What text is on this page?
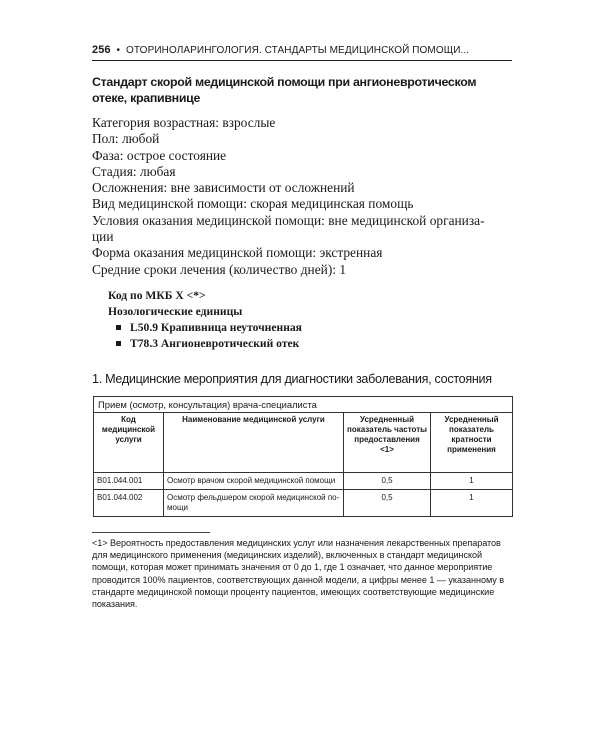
256 • ОТОРИНОЛАРИНГОЛОГИЯ. СТАНДАРТЫ МЕДИЦИНСКОЙ ПОМОЩИ...
Стандарт скорой медицинской помощи при ангионевротическом отеке, крапивнице
Категория возрастная: взрослые
Пол: любой
Фаза: острое состояние
Стадия: любая
Осложнения: вне зависимости от осложнений
Вид медицинской помощи: скорая медицинская помощь
Условия оказания медицинской помощи: вне медицинской организа-
ции
Форма оказания медицинской помощи: экстренная
Средние сроки лечения (количество дней): 1
Код по МКБ X <*>
Нозологические единицы
L50.9 Крапивница неуточненная
T78.3 Ангионевротический отек
1. Медицинские мероприятия для диагностики заболевания, состояния
Прием (осмотр, консультация) врача-специалиста			
Код медицинской услуги	Наименование медицинской услуги	Усредненный показатель частоты предоставления <1>	Усредненный показатель кратности применения
B01.044.001	Осмотр врачом скорой медицинской помощи	0,5	1
B01.044.002	Осмотр фельдшером скорой медицинской по-мощи	0,5	1
<1> Вероятность предоставления медицинских услуг или назначения лекарственных препаратов для медицинского применения (медицинских изделий), включенных в стандарт медицинской помощи, которая может принимать значения от 0 до 1, где 1 означает, что данное мероприятие проводится 100% пациентов, соответствующих данной модели, а цифры менее 1 — указанному в стандарте медицинской помощи проценту пациентов, имеющих соответствующие медицинские показания.
